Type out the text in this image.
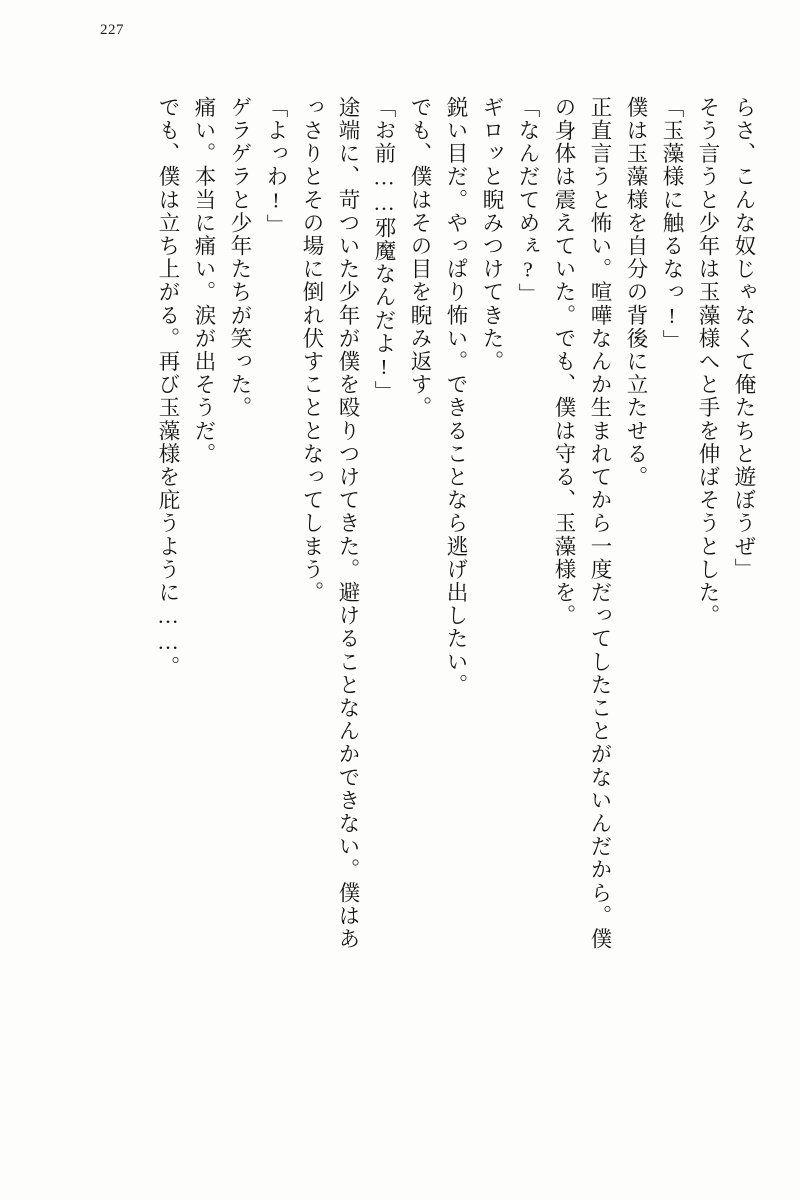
227
らさ、こんな奴じゃなくて俺たちと遊ぼうぜ」
そう言うと少年は玉藻様へと手を伸ばそうとした。
「玉藻様に触るなっ!」
僕は玉藻様を自分の背後に立たせる。
正直言うと怖い。喧嘩なんか生まれてから一度だってしたことがないんだから。僕
の身体は震えていた。でも、僕は守る、玉藻様を。
「なんだてめぇ?」
ギロッと睨みつけてきた。
鋭い目だ。やっぱり怖い。できることなら逃げ出したい。
でも、僕はその目を睨み返す。
「お前……邪魔なんだよ!」
途端に、苛ついた少年が僕を殴りつけてきた。避けることなんかできない。僕はあ
っさりとその場に倒れ伏すこととなってしまう。
「よっわ!」
ゲラゲラと少年たちが笑った。
痛い。本当に痛い。涙が出そうだ。
でも、僕は立ち上がる。再び玉藻様を庇うように……。
